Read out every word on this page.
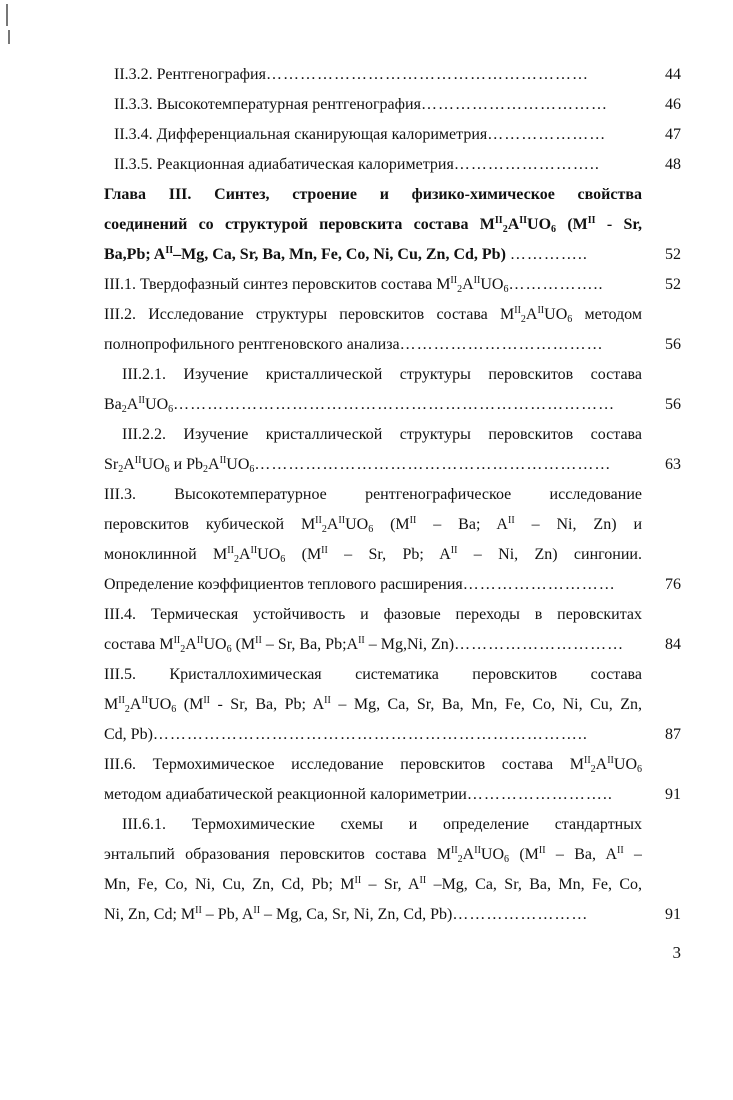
II.3.2. Рентгенография…………………………………………………	44
II.3.3. Высокотемпературная рентгенография……………………………	46
II.3.4. Дифференциальная сканирующая калориметрия…………………	47
II.3.5. Реакционная адиабатическая калориметрия……………………..	48
Глава III. Синтез, строение и физико-химическое свойства
соединений со структурой перовскита состава $M^{II}_2A^{II}UO_6$ ($M^{II}$ - Sr,
Ba,Pb; $A^{II}-Mg$, Ca, Sr, Ba, Mn, Fe, Co, Ni, Cu, Zn, Cd, Pb) …………..	52
III.1. Твердофазный синтез перовскитов состава $M^{II}_2A^{II}UO_6\dots\dots\dots\dots\dots$..	52
III.2. Исследование структуры перовскитов состава $M^{II}_2A^{II}UO_6$ методом
полнопрофильного рентгеновского анализа………………………………	56
III.2.1. Изучение кристаллической структуры перовскитов состава
$Ba_2A^{II}UO_6\dots\dots\dots\dots\dots\dots\dots\dots\dots\dots\dots\dots\dots\dots\dots\dots\dots\dots\dots\dots\dots\dots\dots\dots\dots\dots$	56
III.2.2. Изучение кристаллической структуры перовскитов состава
$Sr_2A^{II}UO_6$ и $Pb_2A^{II}UO_6\dots\dots\dots\dots\dots\dots\dots\dots\dots\dots\dots\dots\dots\dots\dots\dots\dots\dots\dots\dots\dots$	63
III.3. Высокотемпературное рентгенографическое исследование
перовскитов кубической $M^{II}_2A^{II}UO_6$ ($M^{II}$ – Ba; $A^{II}$ – Ni, Zn) и
моноклинной $M^{II}_2A^{II}UO_6$ ($M^{II}$ – Sr, Pb; $A^{II}$ – Ni, Zn) сингонии.
Определение коэффициентов теплового расширения………………………	76
III.4. Термическая устойчивость и фазовые переходы в перовскитах
состава $M^{II}_2A^{II}UO_6$ ($M^{II}$ – Sr, Ba, $Pb;A^{II} - Mg,Ni$, Zn)…………………………	84
III.5. Кристаллохимическая систематика перовскитов состава
$M^{II}_2A^{II}UO_6$ ($M^{II}$ - Sr, Ba, Pb; $A^{II}$ – Mg, Ca, Sr, Ba, Mn, Fe, Co, Ni, Cu, Zn,
Cd, Pb)…………………………………………………………………..	87
III.6. Термохимическое исследование перовскитов состава $M^{II}_2A^{II}UO_6$
методом адиабатической реакционной калориметрии……………………..	91
III.6.1. Термохимические схемы и определение стандартных
энтальпий образования перовскитов состава $M^{II}_2A^{II}UO_6$ ($M^{II}$ – Ba, $A^{II}$ –
Mn, Fe, Co, Ni, Cu, Zn, Cd, Pb; $M^{II}$ – Sr, $A^{II}$ –Mg, Ca, Sr, Ba, Mn, Fe, Co,
Ni, Zn, Cd; $M^{II}$ – Pb, $A^{II}$ – Mg, Ca, Sr, Ni, Zn, Cd, Pb)……………………	91
3
